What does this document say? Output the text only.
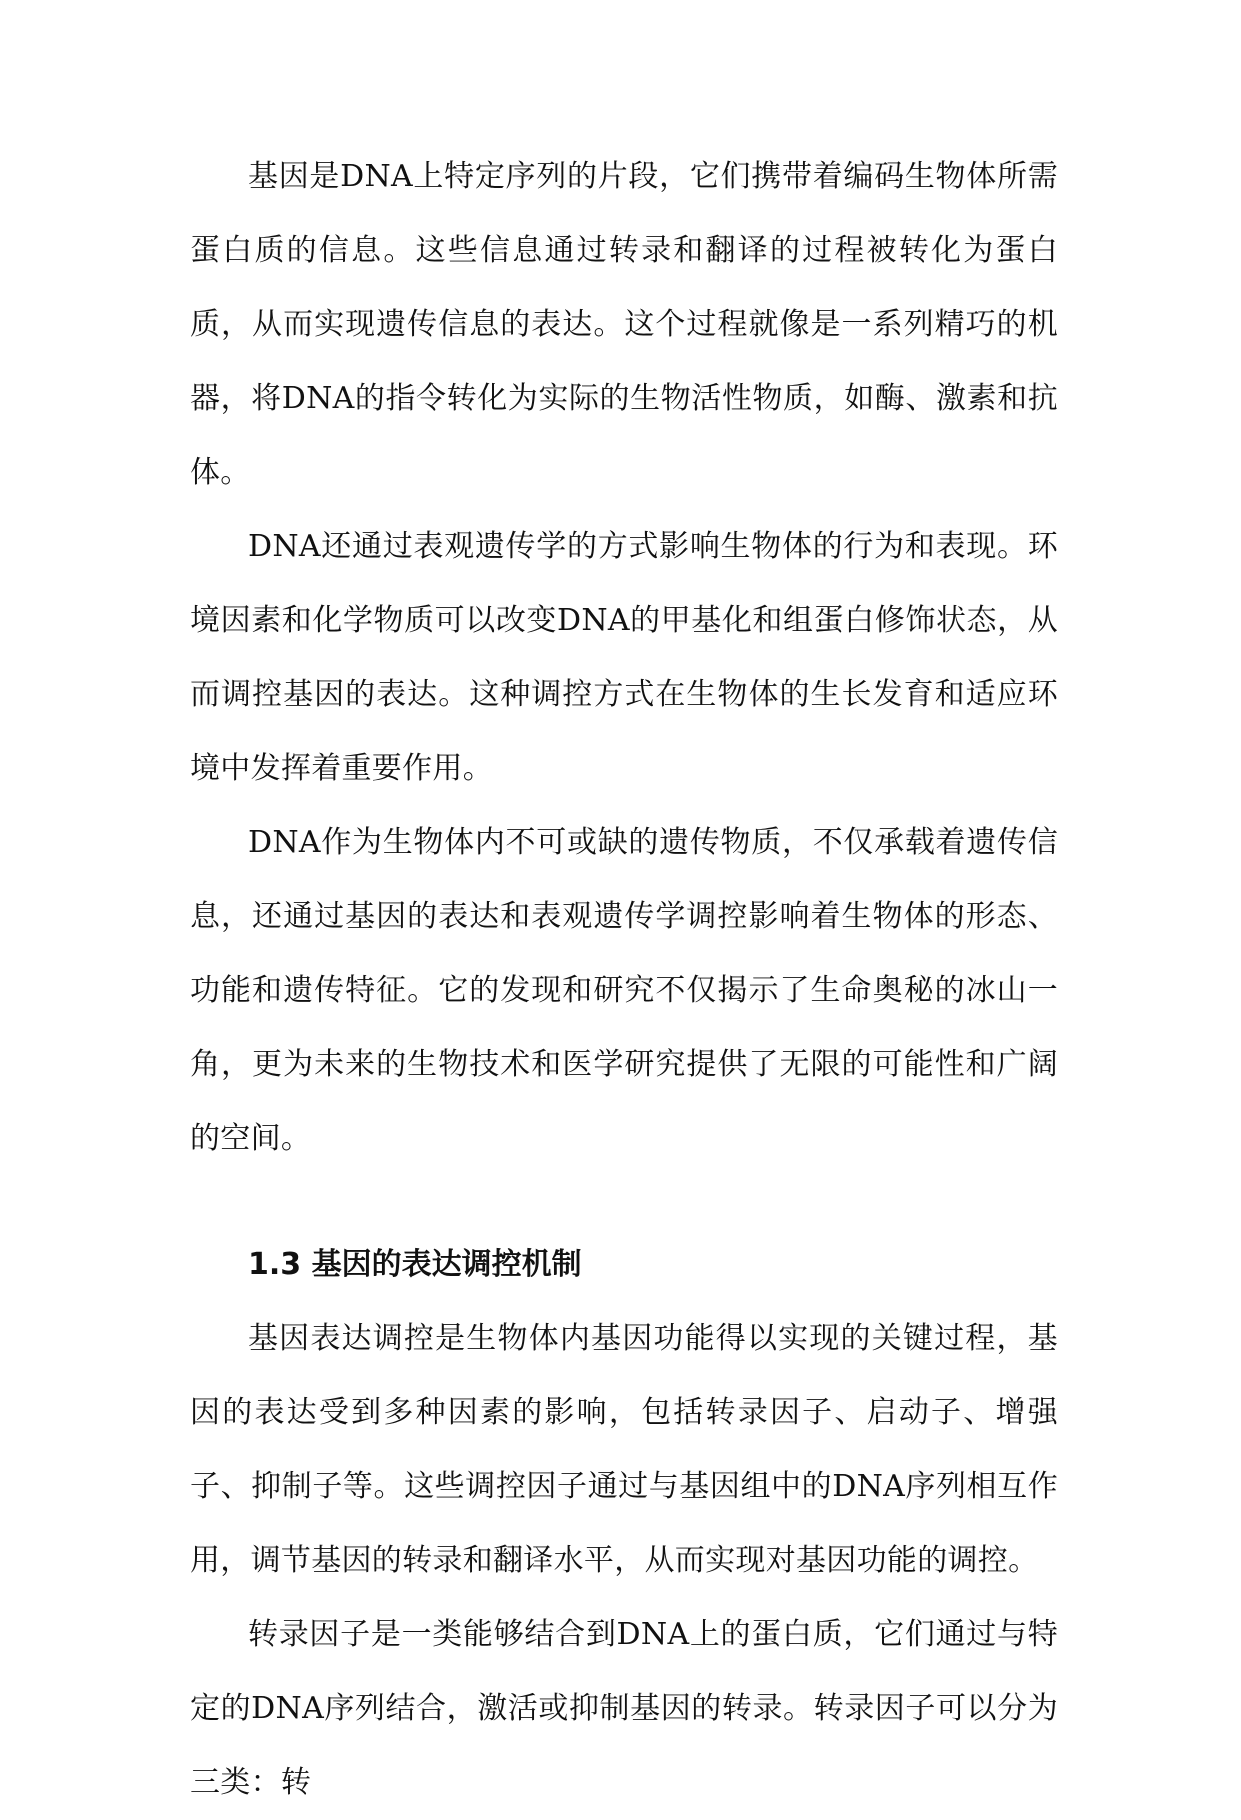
基因是DNA上特定序列的片段，它们携带着编码生物体所需蛋白质的信息。这些信息通过转录和翻译的过程被转化为蛋白质，从而实现遗传信息的表达。这个过程就像是一系列精巧的机器，将DNA的指令转化为实际的生物活性物质，如酶、激素和抗体。

DNA还通过表观遗传学的方式影响生物体的行为和表现。环境因素和化学物质可以改变DNA的甲基化和组蛋白修饰状态，从而调控基因的表达。这种调控方式在生物体的生长发育和适应环境中发挥着重要作用。

DNA作为生物体内不可或缺的遗传物质，不仅承载着遗传信息，还通过基因的表达和表观遗传学调控影响着生物体的形态、功能和遗传特征。它的发现和研究不仅揭示了生命奥秘的冰山一角，更为未来的生物技术和医学研究提供了无限的可能性和广阔的空间。

1.3 基因的表达调控机制

基因表达调控是生物体内基因功能得以实现的关键过程，基因的表达受到多种因素的影响，包括转录因子、启动子、增强子、抑制子等。这些调控因子通过与基因组中的DNA序列相互作用，调节基因的转录和翻译水平，从而实现对基因功能的调控。

转录因子是一类能够结合到DNA上的蛋白质，它们通过与特定的DNA序列结合，激活或抑制基因的转录。转录因子可以分为三类：转
